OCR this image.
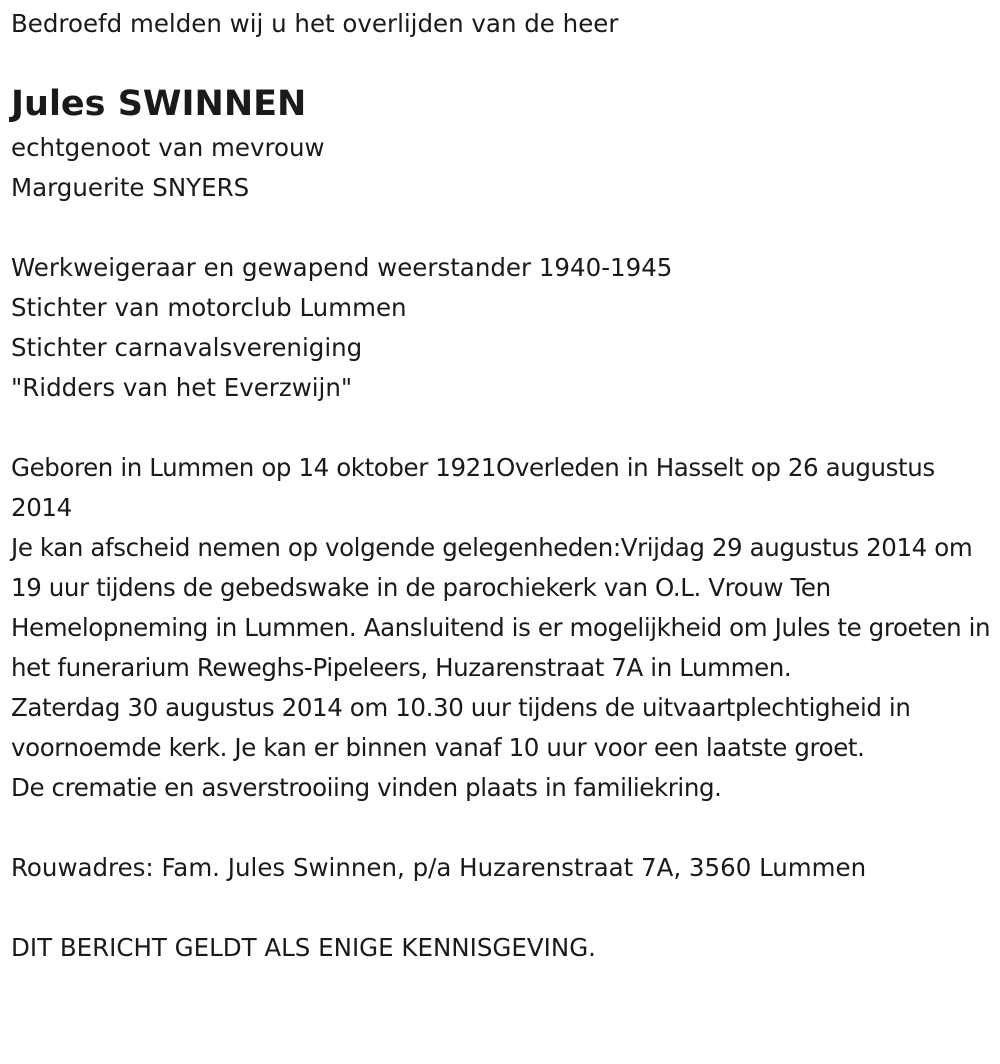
Bedroefd melden wij u het overlijden van de heer

Jules SWINNEN

echtgenoot van mevrouw

Marguerite SNYERS

Werkweigeraar en gewapend weerstander 1940-1945

Stichter van motorclub Lummen

Stichter carnavalsvereniging

"Ridders van het Everzwijn"

Geboren in Lummen op 14 oktober 1921Overleden in Hasselt op 26 augustus 2014

Je kan afscheid nemen op volgende gelegenheden:Vrijdag 29 augustus 2014 om 19 uur tijdens de gebedswake in de parochiekerk van O.L. Vrouw Ten Hemelopneming in Lummen. Aansluitend is er mogelijkheid om Jules te groeten in het funerarium Reweghs-Pipeleers, Huzarenstraat 7A in Lummen.

Zaterdag 30 augustus 2014 om 10.30 uur tijdens de uitvaartplechtigheid in voornoemde kerk. Je kan er binnen vanaf 10 uur voor een laatste groet.

De crematie en asverstrooiing vinden plaats in familiekring.

Rouwadres: Fam. Jules Swinnen, p/a Huzarenstraat 7A, 3560 Lummen

DIT BERICHT GELDT ALS ENIGE KENNISGEVING.
